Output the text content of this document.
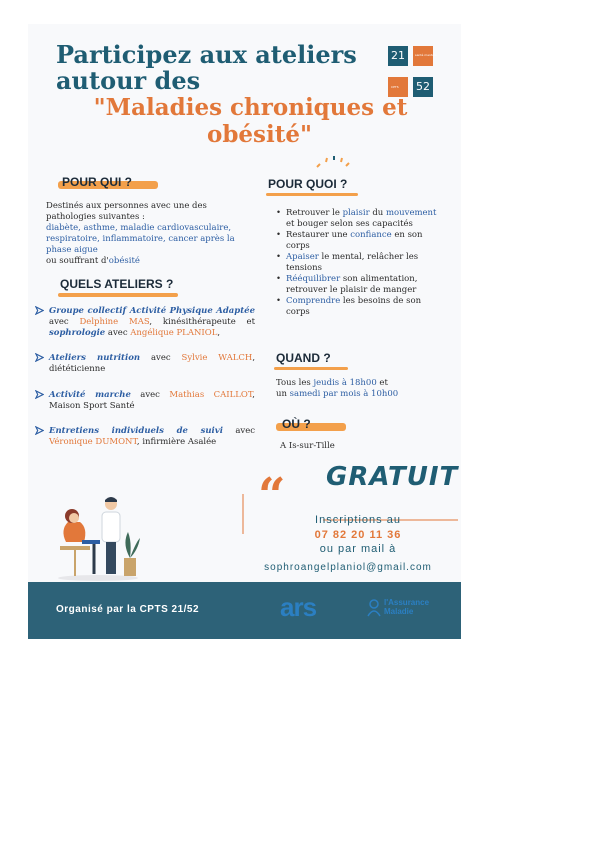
Participez aux ateliers
autour des
21
52
santé mentale
CPTS
"Maladies chroniques et
obésité"
POUR QUI ?
Destinés aux personnes avec une des pathologies suivantes :
diabète, asthme, maladie cardiovasculaire, respiratoire, inflammatoire, cancer après la phase aigue
ou souffrant d'obésité
QUELS ATELIERS ?
Groupe collectif Activité Physique Adaptée avec Delphine MAS, kinésithérapeute et sophrologie avec Angélique PLANIOL,
Ateliers nutrition avec Sylvie WALCH, diététicienne
Activité marche avec Mathias CAILLOT, Maison Sport Santé
Entretiens individuels de suivi avec Véronique DUMONT, infirmière Asalée
POUR QUOI ?
• Retrouver le plaisir du mouvement et bouger selon ses capacités
• Restaurer une confiance en son corps
• Apaiser le mental, relâcher les tensions
• Rééquilibrer son alimentation, retrouver le plaisir de manger
• Comprendre les besoins de son corps
QUAND ?
Tous les jeudis à 18h00 et
un samedi par mois à 10h00
OÙ ?
A Is-sur-Tille
“ GRATUIT
Inscriptions au
07 82 20 11 36
ou par mail à
sophroangelplaniol@gmail.com
Organisé par la CPTS 21/52	ars	l'Assurance
Maladie
